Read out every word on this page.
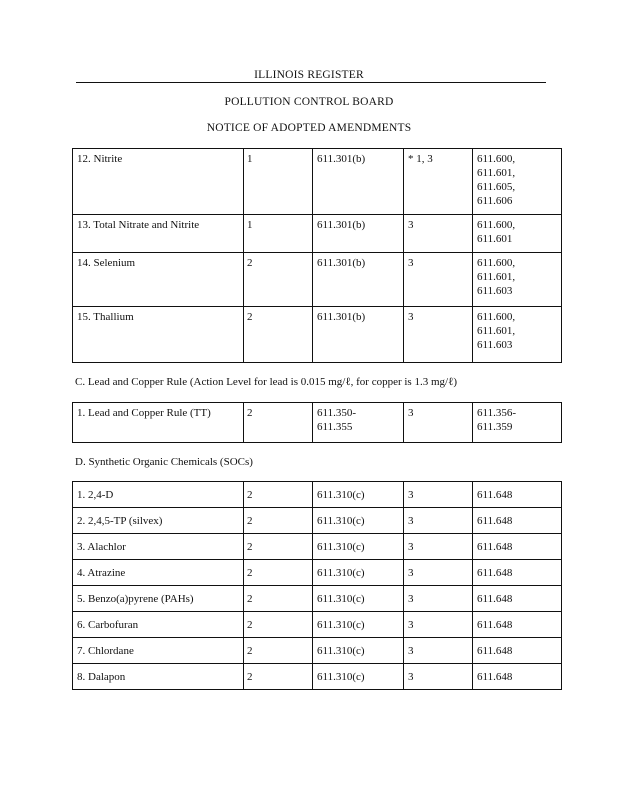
ILLINOIS REGISTER
POLLUTION CONTROL BOARD
NOTICE OF ADOPTED AMENDMENTS
12. Nitrite	1	611.301(b)	* 1, 3	611.600,
611.601,
611.605,
611.606
13. Total Nitrate and Nitrite	1	611.301(b)	3	611.600,
611.601
14. Selenium	2	611.301(b)	3	611.600,
611.601,
611.603
15. Thallium	2	611.301(b)	3	611.600,
611.601,
611.603
C. Lead and Copper Rule (Action Level for lead is 0.015 mg/ℓ, for copper is 1.3 mg/ℓ)
1. Lead and Copper Rule (TT)	2	611.350-
611.355	3	611.356-
611.359
D. Synthetic Organic Chemicals (SOCs)
1. 2,4-D	2	611.310(c)	3	611.648
2. 2,4,5-TP (silvex)	2	611.310(c)	3	611.648
3. Alachlor	2	611.310(c)	3	611.648
4. Atrazine	2	611.310(c)	3	611.648
5. Benzo(a)pyrene (PAHs)	2	611.310(c)	3	611.648
6. Carbofuran	2	611.310(c)	3	611.648
7. Chlordane	2	611.310(c)	3	611.648
8. Dalapon	2	611.310(c)	3	611.648
